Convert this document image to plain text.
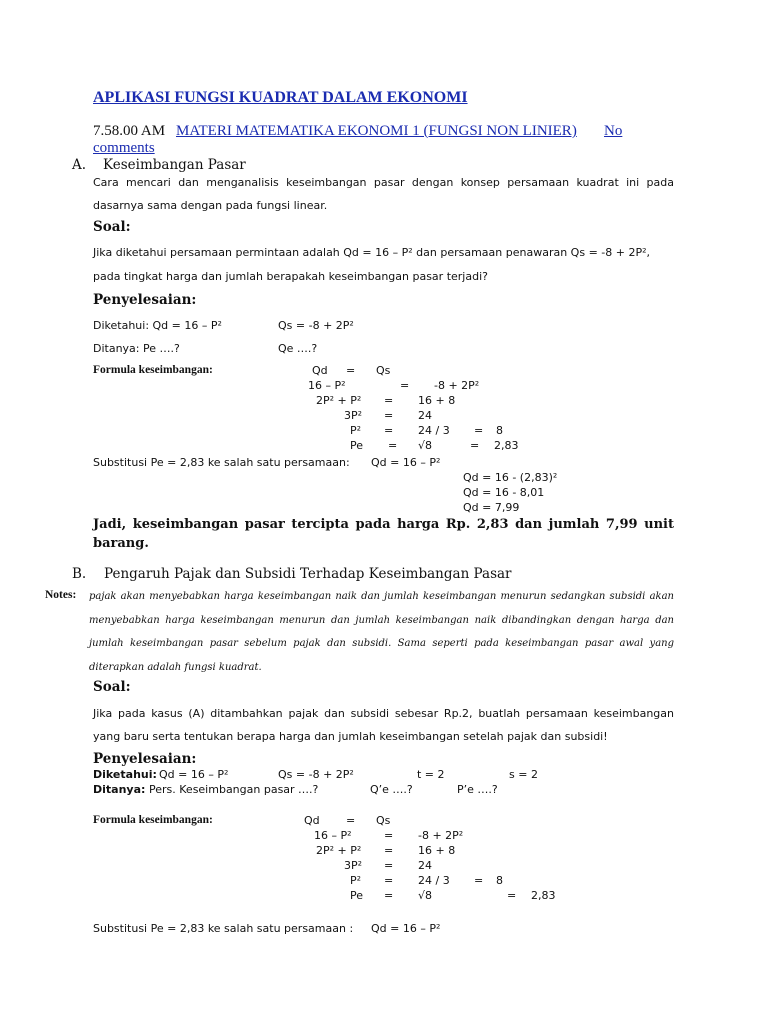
APLIKASI FUNGSI KUADRAT DALAM EKONOMI
7.58.00 AM MATERI MATEMATIKA EKONOMI 1 (FUNGSI NON LINIER) No
comments
A. Keseimbangan Pasar
Cara mencari dan menganalisis keseimbangan pasar dengan konsep persamaan kuadrat ini pada dasarnya sama dengan pada fungsi linear.
Soal:
Jika diketahui persamaan permintaan adalah Qd = 16 – P² dan persamaan penawaran Qs = -8 + 2P²,
pada tingkat harga dan jumlah berapakah keseimbangan pasar terjadi?
Penyelesaian:
Diketahui: Qd = 16 – P²	Qs = -8 + 2P²
Ditanya: Pe ….?	Qe ….?
Formula keseimbangan:	Qd = Qs
16 – P²	= -8 + 2P²
2P² + P² = 16 + 8
3P² = 24
P² = 24 / 3 = 8
Pe = √8	= 2,83
Substitusi Pe = 2,83 ke salah satu persamaan: Qd = 16 – P²
Qd = 16 - (2,83)²
Qd = 16 - 8,01
Qd = 7,99
Jadi, keseimbangan pasar tercipta pada harga Rp. 2,83 dan jumlah 7,99 unit barang.
B. Pengaruh Pajak dan Subsidi Terhadap Keseimbangan Pasar
Notes: pajak akan menyebabkan harga keseimbangan naik dan jumlah keseimbangan menurun sedangkan subsidi akan menyebabkan harga keseimbangan menurun dan jumlah keseimbangan naik dibandingkan dengan harga dan jumlah keseimbangan pasar sebelum pajak dan subsidi. Sama seperti pada keseimbangan pasar awal yang diterapkan adalah fungsi kuadrat.
Soal:
Jika pada kasus (A) ditambahkan pajak dan subsidi sebesar Rp.2, buatlah persamaan keseimbangan yang baru serta tentukan berapa harga dan jumlah keseimbangan setelah pajak dan subsidi!
Penyelesaian:
Diketahui: Qd = 16 – P²	Qs = -8 + 2P²	t = 2	s = 2
Ditanya: Pers. Keseimbangan pasar ….?	Q’e ….?	P’e ….?
Formula keseimbangan:	Qd = Qs
16 – P²	= -8 + 2P²
2P² + P² = 16 + 8
3P² = 24
P² = 24 / 3 = 8
Pe = √8	= 2,83
Substitusi Pe = 2,83 ke salah satu persamaan : Qd = 16 – P²
